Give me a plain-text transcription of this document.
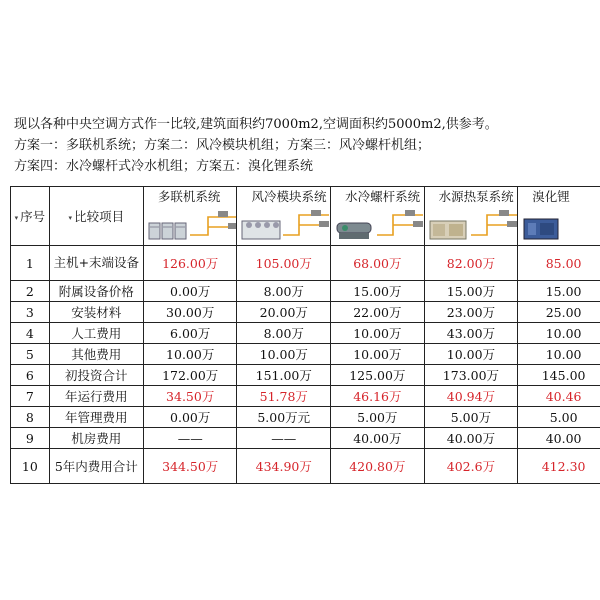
现以各种中央空调方式作一比较,建筑面积约7000m2,空调面积约5000m2,供参考。
方案一：多联机系统；方案二：风冷模块机组；方案三：风冷螺杆机组；
方案四：水冷螺杆式冷水机组；方案五：溴化锂系统
▾ 序号	▾ 比较项目	多联机系统	风冷模块系统	水冷螺杆系统	水源热泵系统	溴化锂

1	主机+末端设备	126.00万	105.00万	68.00万	82.00万	85.00
2	附属设备价格	0.00万	8.00万	15.00万	15.00万	15.00
3	安装材料	30.00万	20.00万	22.00万	23.00万	25.00
4	人工费用	6.00万	8.00万	10.00万	43.00万	10.00
5	其他费用	10.00万	10.00万	10.00万	10.00万	10.00
6	初投资合计	172.00万	151.00万	125.00万	173.00万	145.00
7	年运行费用	34.50万	51.78万	46.16万	40.94万	40.46
8	年管理费用	0.00万	5.00万元	5.00万	5.00万	5.00
9	机房费用	——	——	40.00万	40.00万	40.00
10	5年内费用合计	344.50万	434.90万	420.80万	402.6万	412.30
